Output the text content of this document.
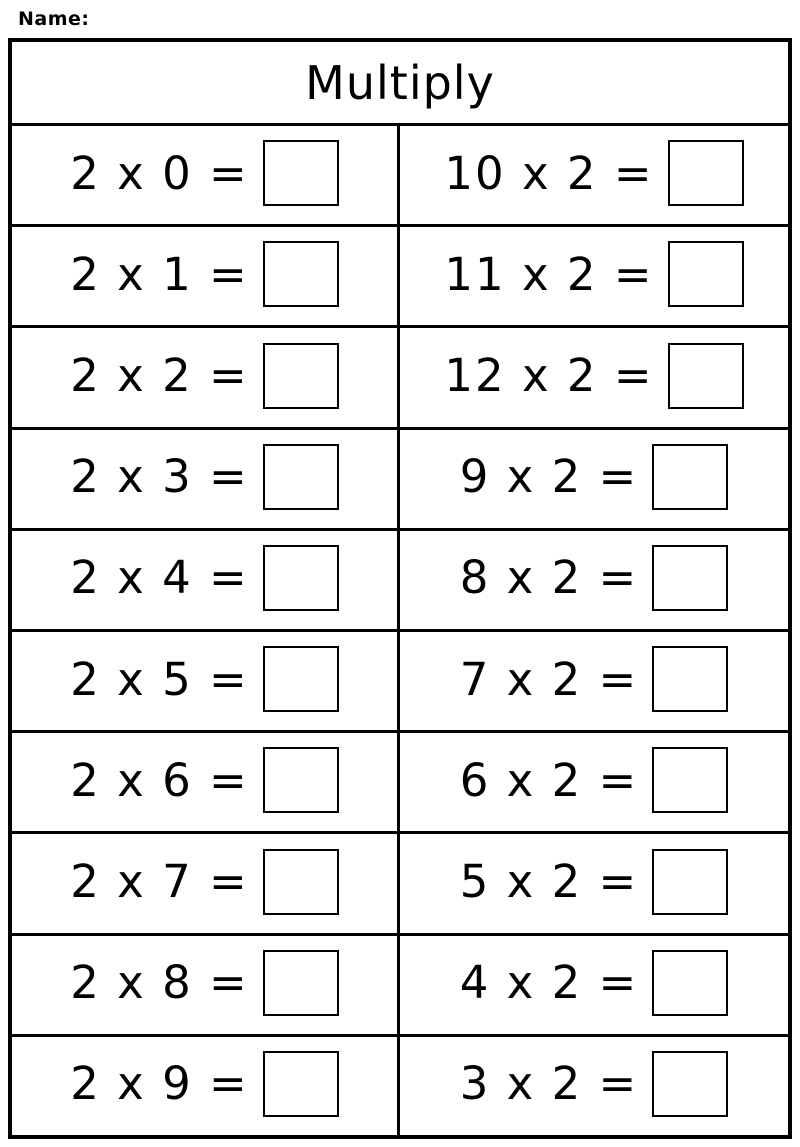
Name:
Multiply
2 x 0 =	10 x 2 =
2 x 1 =	11 x 2 =
2 x 2 =	12 x 2 =
2 x 3 =	9 x 2 =
2 x 4 =	8 x 2 =
2 x 5 =	7 x 2 =
2 x 6 =	6 x 2 =
2 x 7 =	5 x 2 =
2 x 8 =	4 x 2 =
2 x 9 =	3 x 2 =
